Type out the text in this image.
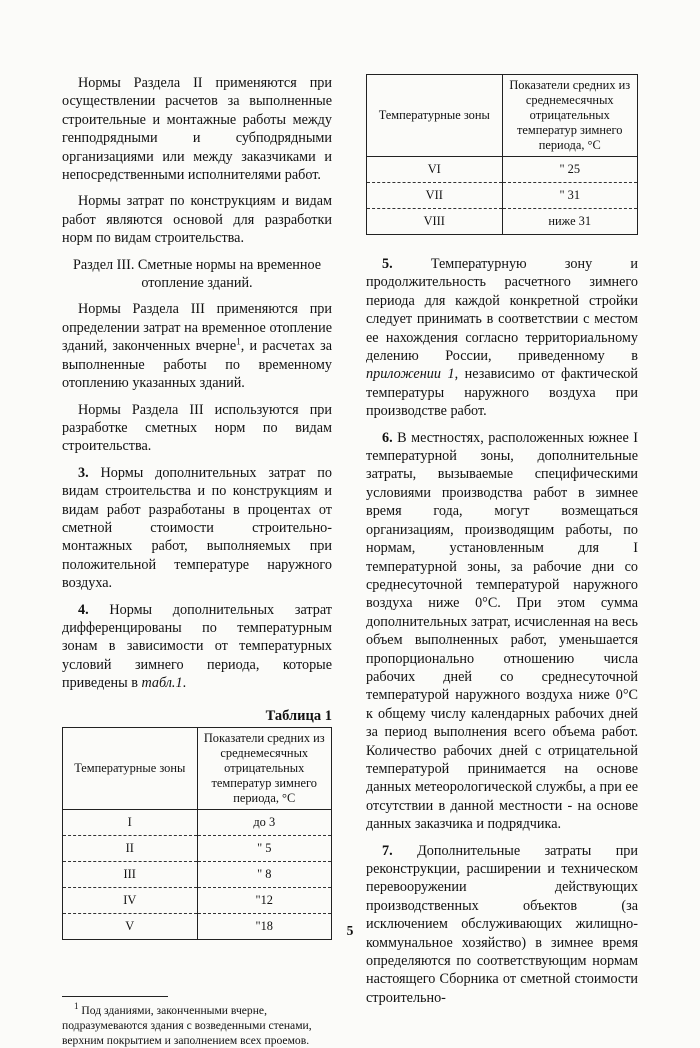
Нормы Раздела II применяются при осуществлении расчетов за выполненные строительные и монтажные работы между генподрядными и субподрядными организациями или между заказчиками и непосредственными исполнителями работ.

Нормы затрат по конструкциям и видам работ являются основой для разработки норм по видам строительства.

Раздел III. Сметные нормы на временное отопление зданий.

Нормы Раздела III применяются при определении затрат на временное отопление зданий, законченных вчерне$^1$, и расчетах за выполненные работы по временному отоплению указанных зданий.

Нормы Раздела III используются при разработке сметных норм по видам строительства.

3. Нормы дополнительных затрат по видам строительства и по конструкциям и видам работ разработаны в процентах от сметной стоимости строительно-монтажных работ, выполняемых при положительной температуре наружного воздуха.

4. Нормы дополнительных затрат дифференцированы по температурным зонам в зависимости от температурных условий зимнего периода, которые приведены в табл.1.

Таблица 1
Температурные зоны	Показатели средних из среднемесячных отрицательных температур зимнего периода, °С
I	до 3
II	" 5
III	" 8
IV	"12
V	"18

$^1$ Под зданиями, законченными вчерне, подразумеваются здания с возведенными стенами, верхним покрытием и заполнением всех проемов.

Температурные зоны	Показатели средних из среднемесячных отрицательных температур зимнего периода, °С
VI	" 25
VII	" 31
VIII	ниже 31

5. Температурную зону и продолжительность расчетного зимнего периода для каждой конкретной стройки следует принимать в соответствии с местом ее нахождения согласно территориальному делению России, приведенному в приложении 1, независимо от фактической температуры наружного воздуха при производстве работ.

6. В местностях, расположенных южнее I температурной зоны, дополнительные затраты, вызываемые специфическими условиями производства работ в зимнее время года, могут возмещаться организациям, производящим работы, по нормам, установленным для I температурной зоны, за рабочие дни со среднесуточной температурой наружного воздуха ниже 0°С. При этом сумма дополнительных затрат, исчисленная на весь объем выполненных работ, уменьшается пропорционально отношению числа рабочих дней со среднесуточной температурой наружного воздуха ниже 0°С к общему числу календарных рабочих дней за период выполнения всего объема работ. Количество рабочих дней с отрицательной температурой принимается на основе данных метеорологической службы, а при ее отсутствии в данной местности - на основе данных заказчика и подрядчика.

7. Дополнительные затраты при реконструкции, расширении и техническом перевооружении действующих производственных объектов (за исключением обслуживающих жилищно-коммунальное хозяйство) в зимнее время определяются по соответствующим нормам настоящего Сборника от сметной стоимости строительно-

5
